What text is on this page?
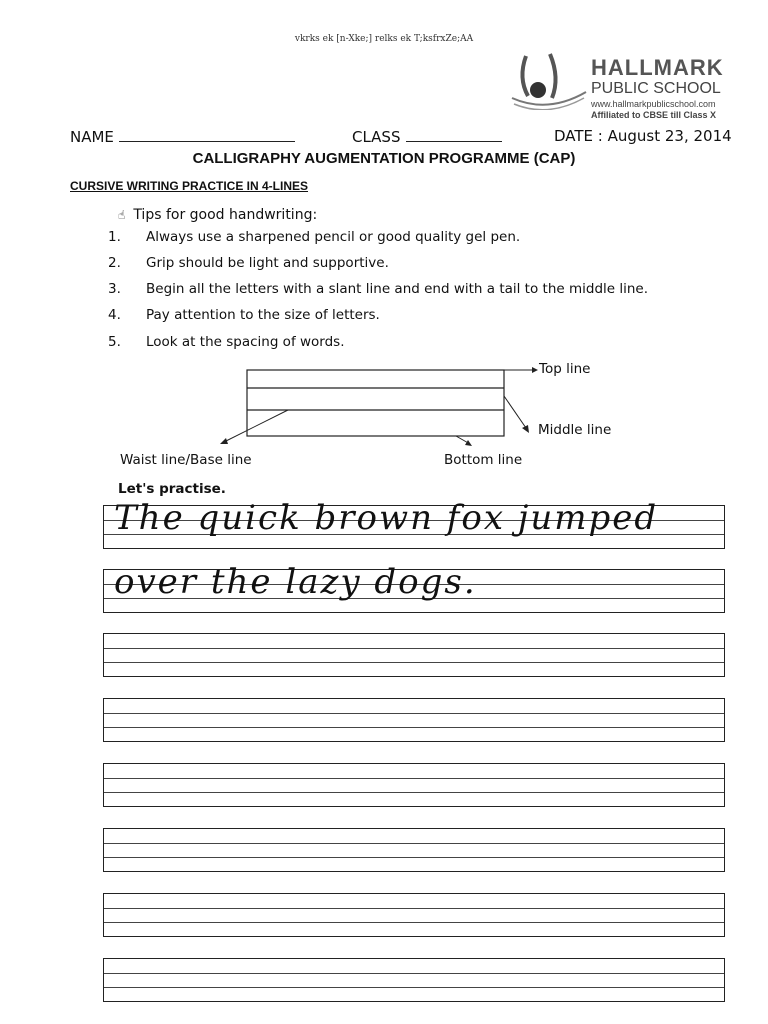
vkrks ek [n-Xke;] relks ek T;ksfrxZe;AA
HALLMARK
PUBLIC SCHOOL
www.hallmarkpublicschool.com
Affiliated to CBSE till Class X
NAME	CLASS	DATE : August 23, 2014
CALLIGRAPHY AUGMENTATION PROGRAMME (CAP)
CURSIVE WRITING PRACTICE IN 4-LINES
☝ Tips for good handwriting:
1. Always use a sharpened pencil or good quality gel pen.
2. Grip should be light and supportive.
3. Begin all the letters with a slant line and end with a tail to the middle line.
4. Pay attention to the size of letters.
5. Look at the spacing of words.
Top line
Middle line
Waist line/Base line	Bottom line
Let's practise.
The quick brown fox jumped
over the lazy dogs.
